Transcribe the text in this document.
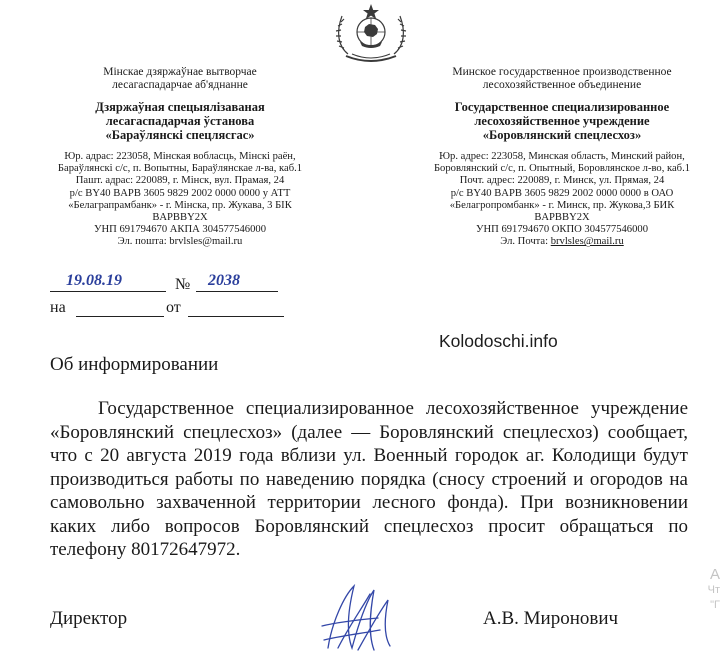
Мінскае дзяржаўнае вытворчае
лесагаспадарчае аб'яднанне
Дзяржаўная спецыялізаваная
лесагаспадарчая ўстанова
«Бараўлянскі спецлясгас»
Юр. адрас: 223058, Мінская вобласць, Мінскі раён,
Бараўлянскі с/с, п. Вопытны, Бараўлянскае л-ва, каб.1
Пашт. адрас: 220089, г. Мінск, вул. Прамая, 24
р/с BY40 BAPB 3605 9829 2002 0000 0000 у АТТ
«Белаграпрамбанк» - г. Мінска, пр. Жукава, 3 БІК
BAPBBY2X
УНП 691794670 АКПА 304577546000
Эл. пошта: brvlsles@mail.ru
Минское государственное производственное
лесохозяйственное объединение
Государственное специализированное
лесохозяйственное учреждение
«Боровлянский спецлесхоз»
Юр. адрес: 223058, Минская область, Минский район,
Боровлянский с/с, п. Опытный, Боровлянское л-во, каб.1
Почт. адрес: 220089, г. Минск, ул. Прямая, 24
р/с BY40 BAPB 3605 9829 2002 0000 0000 в ОАО
«Белагропромбанк» - г. Минск, пр. Жукова,3 БИК
BAPBBY2X
УНП 691794670 ОКПО 304577546000
Эл. Почта: brvlsles@mail.ru
19.08.19	№ 2038
на	от
Kolodoschi.info
Об информировании
Государственное специализированное лесохозяйственное учреждение «Боровлянский спецлесхоз» (далее — Боровлянский спецлесхоз) сообщает, что с 20 августа 2019 года вблизи ул. Военный городок аг. Колодищи будут производиться работы по наведению порядка (сносу строений и огородов на самовольно захваченной территории лесного фонда). При возникновении каких либо вопросов Боровлянский спецлесхоз просит обращаться по телефону 80172647972.
Директор	А.В. Миронович
А
Чт
"Г
